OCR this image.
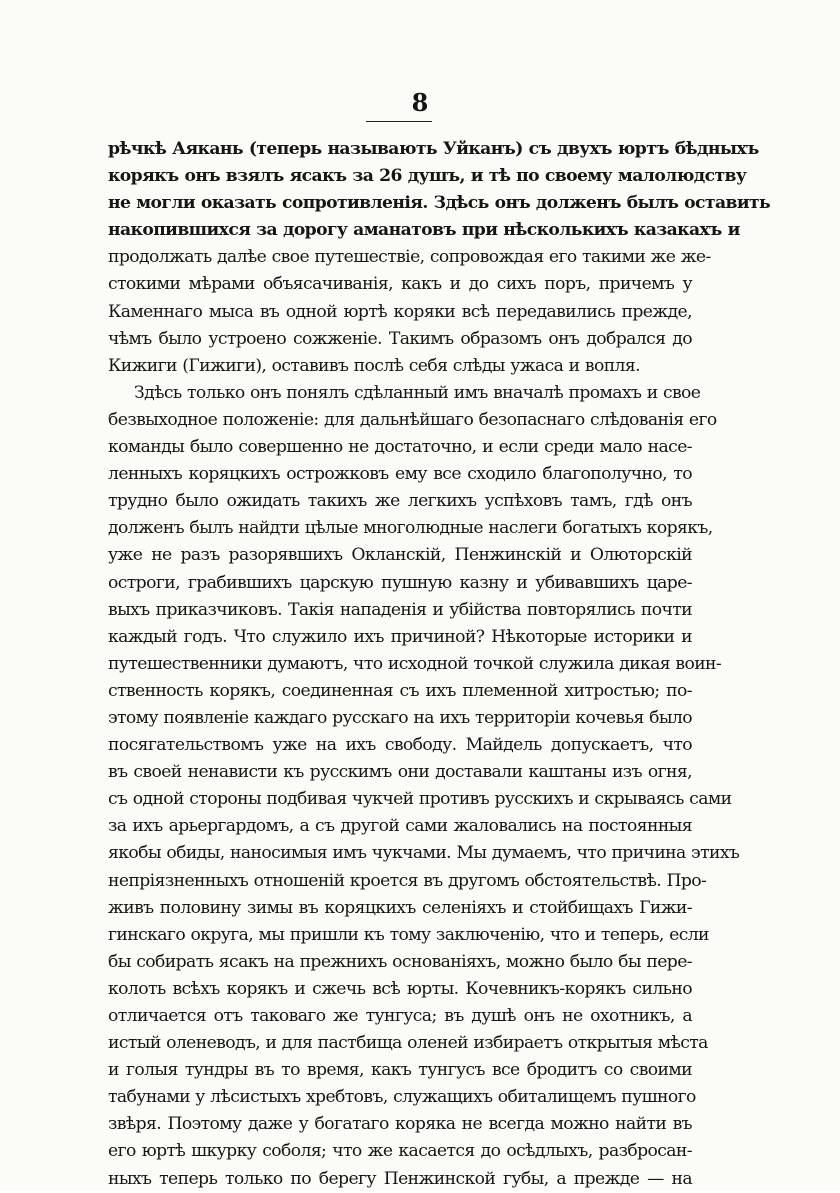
8
рѣчкѣ Аякань (теперь называють Уйканъ) съ двухъ юртъ бѣдныхъ
корякъ онъ взялъ ясакъ за 26 душъ, и тѣ по своему малолюдству
не могли оказать сопротивленія. Здѣсь онъ долженъ былъ оставить
накопившихся за дорогу аманатовъ при нѣсколькихъ казакахъ и
продолжать далѣе свое путешествіе, сопровождая его такими же же-
стокими мѣрами объясачиванія, какъ и до сихъ поръ, причемъ у
Каменнаго мыса въ одной юртѣ коряки всѣ передавились прежде,
чѣмъ было устроено сожженіе. Такимъ образомъ онъ добрался до
Кижиги (Гижиги), оставивъ послѣ себя слѣды ужаса и вопля.
Здѣсь только онъ понялъ сдѣланный имъ вначалѣ промахъ и свое
безвыходное положеніе: для дальнѣйшаго безопаснаго слѣдованія его
команды было совершенно не достаточно, и если среди мало насе-
ленныхъ коряцкихъ острожковъ ему все сходило благополучно, то
трудно было ожидать такихъ же легкихъ успѣховъ тамъ, гдѣ онъ
долженъ былъ найдти цѣлые многолюдные наслеги богатыхъ корякъ,
уже не разъ разорявшихъ Окланскій, Пенжинскій и Олюторскій
остроги, грабившихъ царскую пушную казну и убивавшихъ царе-
выхъ приказчиковъ. Такія нападенія и убійства повторялись почти
каждый годъ. Что служило ихъ причиной? Нѣкоторые историки и
путешественники думаютъ, что исходной точкой служила дикая воин-
ственность корякъ, соединенная съ ихъ племенной хитростью; по-
этому появленіе каждаго русскаго на ихъ территоріи кочевья было
посягательствомъ уже на ихъ свободу. Майдель допускаетъ, что
въ своей ненависти къ русскимъ они доставали каштаны изъ огня,
съ одной стороны подбивая чукчей противъ русскихъ и скрываясь сами
за ихъ арьергардомъ, а съ другой сами жаловались на постоянныя
якобы обиды, наносимыя имъ чукчами. Мы думаемъ, что причина этихъ
непріязненныхъ отношеній кроется въ другомъ обстоятельствѣ. Про-
живъ половину зимы въ коряцкихъ селеніяхъ и стойбищахъ Гижи-
гинскаго округа, мы пришли къ тому заключенію, что и теперь, если
бы собирать ясакъ на прежнихъ основаніяхъ, можно было бы пере-
колоть всѣхъ корякъ и сжечь всѣ юрты. Кочевникъ-корякъ сильно
отличается отъ таковаго же тунгуса; въ душѣ онъ не охотникъ, а
истый оленеводъ, и для пастбища оленей избираетъ открытыя мѣста
и голыя тундры въ то время, какъ тунгусъ все бродитъ со своими
табунами у лѣсистыхъ хребтовъ, служащихъ обиталищемъ пушного
звѣря. Поэтому даже у богатаго коряка не всегда можно найти въ
его юртѣ шкурку соболя; что же касается до осѣдлыхъ, разбросан-
ныхъ теперь только по берегу Пенжинской губы, а прежде — на
